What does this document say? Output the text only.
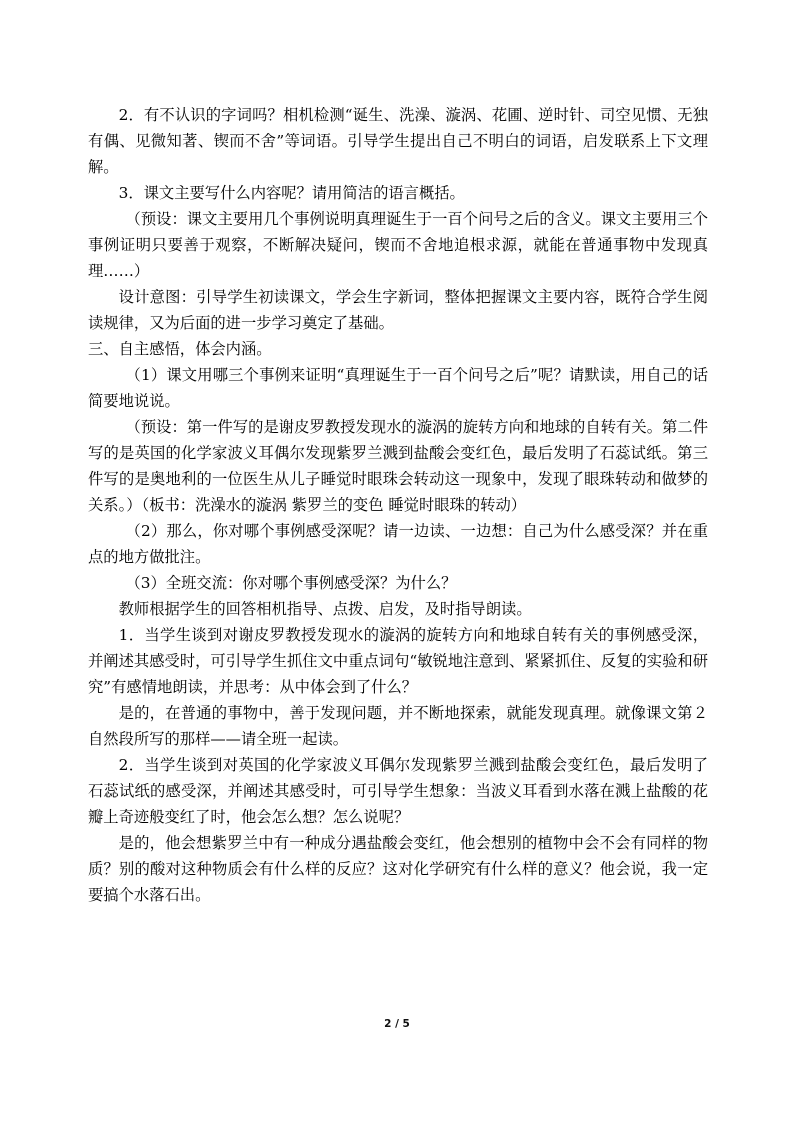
2．有不认识的字词吗？相机检测“诞生、洗澡、漩涡、花圃、逆时针、司空见惯、无独有偶、见微知著、锲而不舍”等词语。引导学生提出自己不明白的词语，启发联系上下文理解。

3．课文主要写什么内容呢？请用简洁的语言概括。

（预设：课文主要用几个事例说明真理诞生于一百个问号之后的含义。课文主要用三个事例证明只要善于观察，不断解决疑问，锲而不舍地追根求源，就能在普通事物中发现真理……）

设计意图：引导学生初读课文，学会生字新词，整体把握课文主要内容，既符合学生阅读规律，又为后面的进一步学习奠定了基础。

三、自主感悟，体会内涵。

（1）课文用哪三个事例来证明“真理诞生于一百个问号之后”呢？请默读，用自己的话简要地说说。

（预设：第一件写的是谢皮罗教授发现水的漩涡的旋转方向和地球的自转有关。第二件写的是英国的化学家波义耳偶尔发现紫罗兰溅到盐酸会变红色，最后发明了石蕊试纸。第三件写的是奥地利的一位医生从儿子睡觉时眼珠会转动这一现象中，发现了眼珠转动和做梦的关系。）（板书：洗澡水的漩涡 紫罗兰的变色 睡觉时眼珠的转动）

（2）那么，你对哪个事例感受深呢？请一边读、一边想：自己为什么感受深？并在重点的地方做批注。

（3）全班交流：你对哪个事例感受深？为什么？

教师根据学生的回答相机指导、点拨、启发，及时指导朗读。

1．当学生谈到对谢皮罗教授发现水的漩涡的旋转方向和地球自转有关的事例感受深，并阐述其感受时，可引导学生抓住文中重点词句“敏锐地注意到、紧紧抓住、反复的实验和研究”有感情地朗读，并思考：从中体会到了什么？

是的，在普通的事物中，善于发现问题，并不断地探索，就能发现真理。就像课文第２自然段所写的那样——请全班一起读。

2．当学生谈到对英国的化学家波义耳偶尔发现紫罗兰溅到盐酸会变红色，最后发明了石蕊试纸的感受深，并阐述其感受时，可引导学生想象：当波义耳看到水落在溅上盐酸的花瓣上奇迹般变红了时，他会怎么想？怎么说呢？

是的，他会想紫罗兰中有一种成分遇盐酸会变红，他会想别的植物中会不会有同样的物质？别的酸对这种物质会有什么样的反应？这对化学研究有什么样的意义？他会说，我一定要搞个水落石出。

2 / 5
